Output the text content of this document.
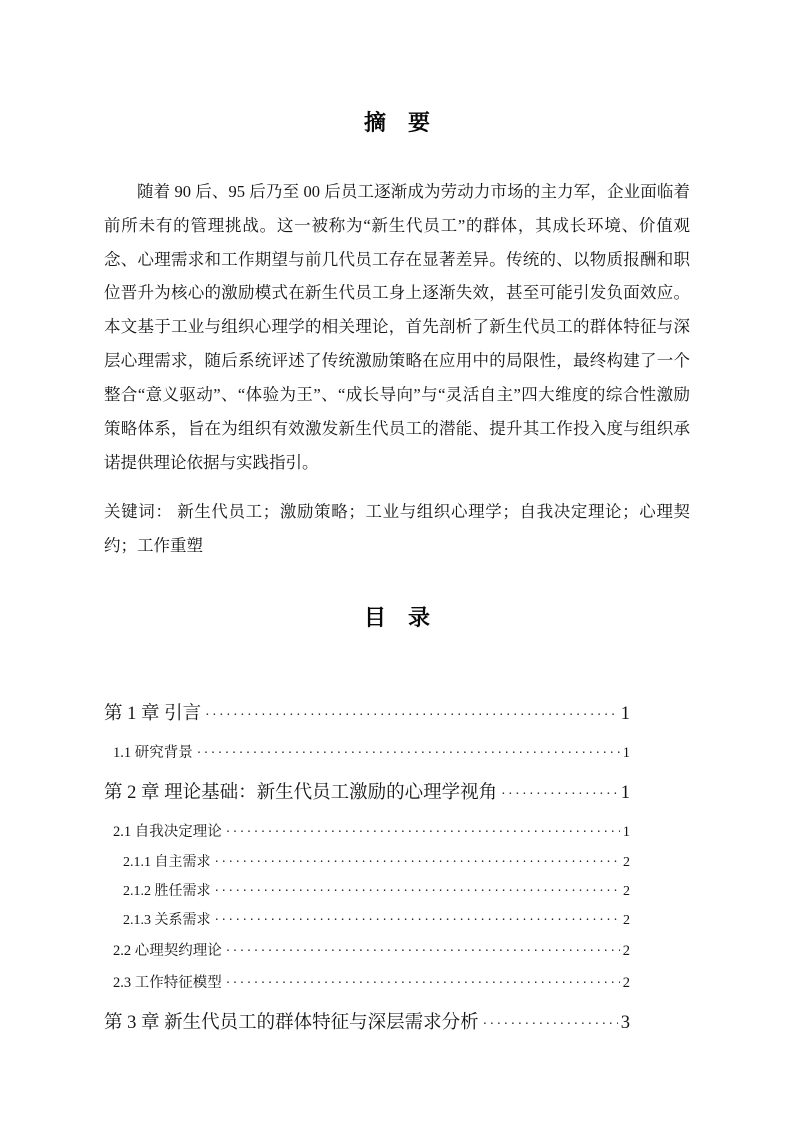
摘　要

随着 90 后、95 后乃至 00 后员工逐渐成为劳动力市场的主力军，企业面临着前所未有的管理挑战。这一被称为“新生代员工”的群体，其成长环境、价值观念、心理需求和工作期望与前几代员工存在显著差异。传统的、以物质报酬和职位晋升为核心的激励模式在新生代员工身上逐渐失效，甚至可能引发负面效应。本文基于工业与组织心理学的相关理论，首先剖析了新生代员工的群体特征与深层心理需求，随后系统评述了传统激励策略在应用中的局限性，最终构建了一个整合“意义驱动”、“体验为王”、“成长导向”与“灵活自主”四大维度的综合性激励策略体系，旨在为组织有效激发新生代员工的潜能、提升其工作投入度与组织承诺提供理论依据与实践指引。

关键词： 新生代员工；激励策略；工业与组织心理学；自我决定理论；心理契约；工作重塑

目　录
第 1 章 引言 ·····	1
1.1 研究背景 ·····	1
第 2 章 理论基础：新生代员工激励的心理学视角 ·····	1
2.1 自我决定理论 ·····	1
2.1.1 自主需求 ·····	2
2.1.2 胜任需求 ·····	2
2.1.3 关系需求 ·····	2
2.2 心理契约理论 ·····	2
2.3 工作特征模型 ·····	2
第 3 章 新生代员工的群体特征与深层需求分析 ·····	3
